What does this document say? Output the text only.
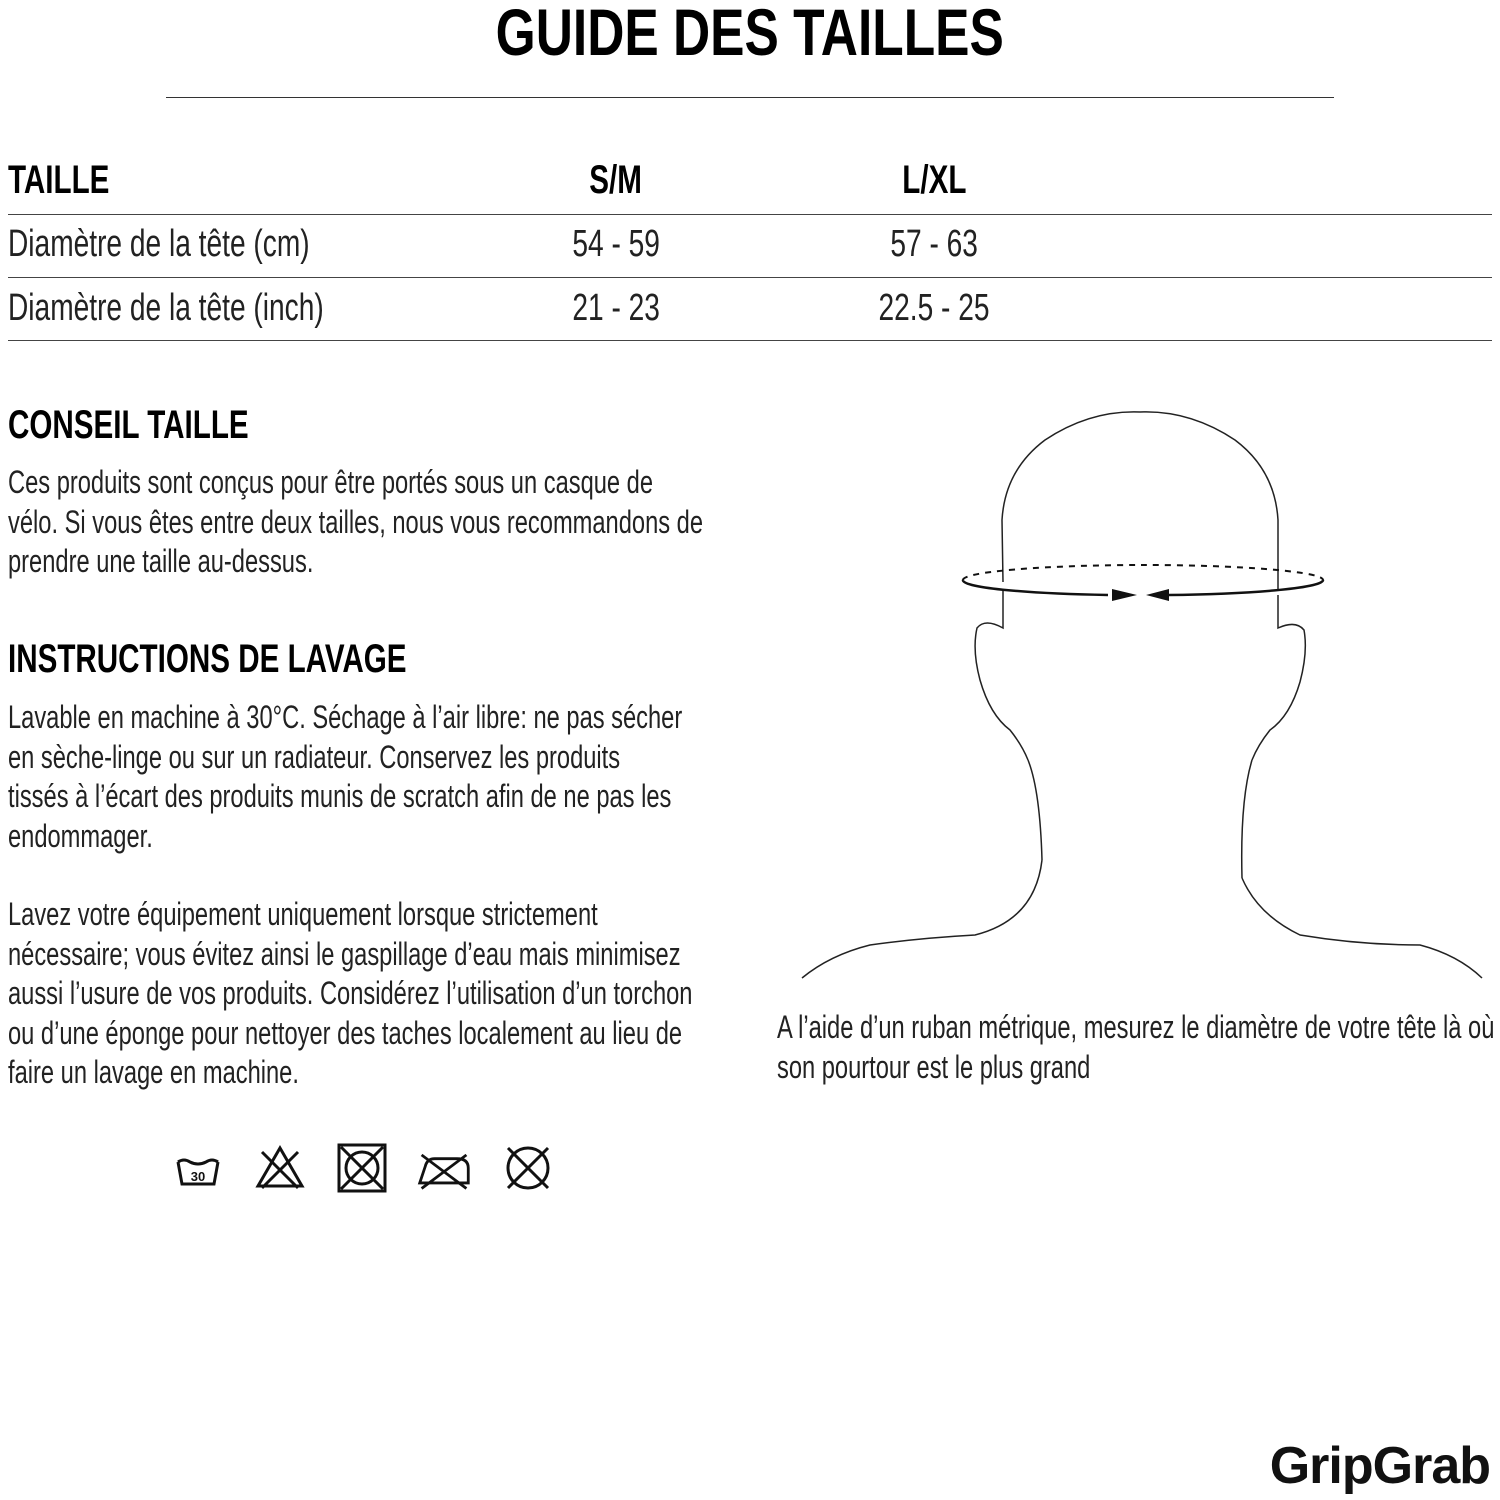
GUIDE DES TAILLES
TAILLE	S/M	L/XL
Diamètre de la tête (cm)	54 - 59	57 - 63
Diamètre de la tête (inch)	21 - 23	22.5 - 25
CONSEIL TAILLE
Ces produits sont conçus pour être portés sous un casque de
vélo. Si vous êtes entre deux tailles, nous vous recommandons de
prendre une taille au-dessus.
INSTRUCTIONS DE LAVAGE
Lavable en machine à 30°C. Séchage à l’air libre: ne pas sécher
en sèche-linge ou sur un radiateur. Conservez les produits
tissés à l’écart des produits munis de scratch afin de ne pas les
endommager.
Lavez votre équipement uniquement lorsque strictement
nécessaire; vous évitez ainsi le gaspillage d’eau mais minimisez
aussi l’usure de vos produits. Considérez l’utilisation d’un torchon
ou d’une éponge pour nettoyer des taches localement au lieu de
faire un lavage en machine.
30
A l’aide d’un ruban métrique, mesurez le diamètre de votre tête là où
son pourtour est le plus grand
GripGrab
